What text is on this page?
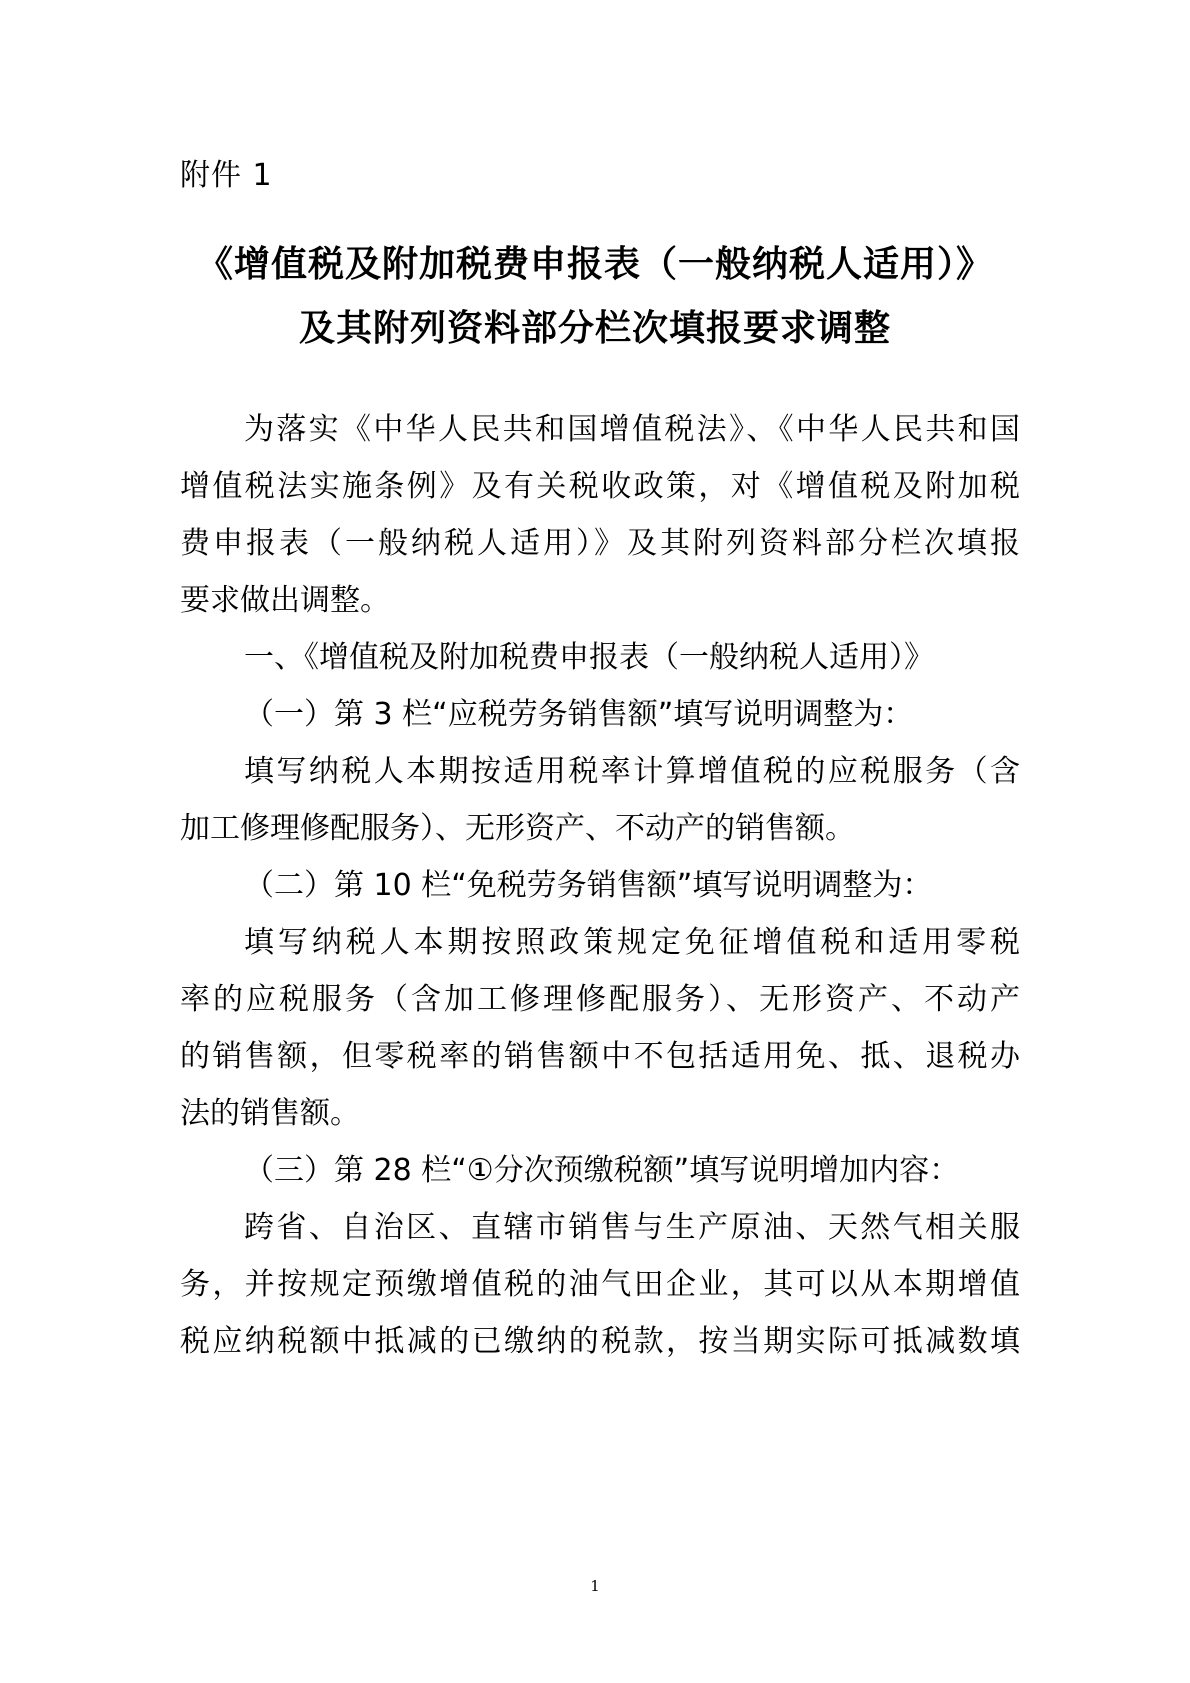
附件 1
《增值税及附加税费申报表（一般纳税人适用）》
及其附列资料部分栏次填报要求调整
为落实《中华人民共和国增值税法》、《中华人民共和国
增值税法实施条例》及有关税收政策，对《增值税及附加税
费申报表（一般纳税人适用）》及其附列资料部分栏次填报
要求做出调整。
一、《增值税及附加税费申报表（一般纳税人适用）》
（一）第 3 栏“应税劳务销售额”填写说明调整为：
填写纳税人本期按适用税率计算增值税的应税服务（含
加工修理修配服务）、无形资产、不动产的销售额。
（二）第 10 栏“免税劳务销售额”填写说明调整为：
填写纳税人本期按照政策规定免征增值税和适用零税
率的应税服务（含加工修理修配服务）、无形资产、不动产
的销售额，但零税率的销售额中不包括适用免、抵、退税办
法的销售额。
（三）第 28 栏“①分次预缴税额”填写说明增加内容：
跨省、自治区、直辖市销售与生产原油、天然气相关服
务，并按规定预缴增值税的油气田企业，其可以从本期增值
税应纳税额中抵减的已缴纳的税款，按当期实际可抵减数填
1
